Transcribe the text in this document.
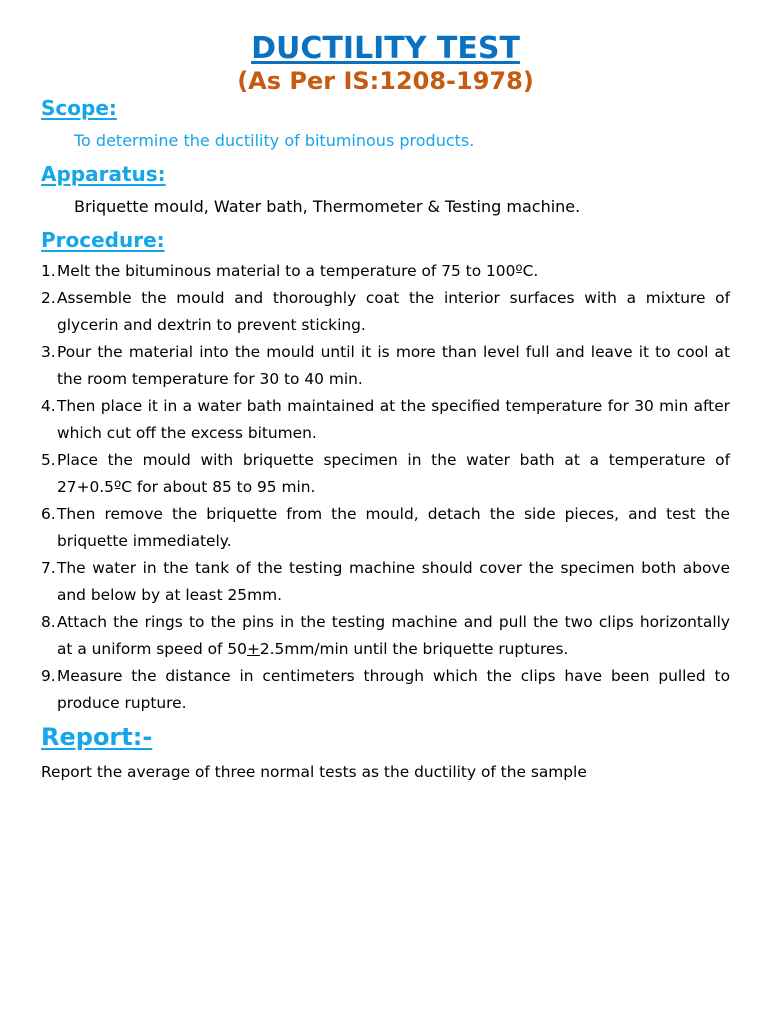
DUCTILITY TEST
(As Per IS:1208-1978)
Scope:

To determine the ductility of bituminous products.

Apparatus:

Briquette mould, Water bath, Thermometer & Testing machine.

Procedure:
1. Melt the bituminous material to a temperature of 75 to 100ºC.
2. Assemble the mould and thoroughly coat the interior surfaces with a mixture of glycerin and dextrin to prevent sticking.
3. Pour the material into the mould until it is more than level full and leave it to cool at the room temperature for 30 to 40 min.
4. Then place it in a water bath maintained at the specified temperature for 30 min after which cut off the excess bitumen.
5. Place the mould with briquette specimen in the water bath at a temperature of 27+0.5ºC for about 85 to 95 min.
6. Then remove the briquette from the mould, detach the side pieces, and test the briquette immediately.
7. The water in the tank of the testing machine should cover the specimen both above and below by at least 25mm.
8. Attach the rings to the pins in the testing machine and pull the two clips horizontally at a uniform speed of 50+2.5mm/min until the briquette ruptures.
9. Measure the distance in centimeters through which the clips have been pulled to produce rupture.
Report:-

Report the average of three normal tests as the ductility of the sample
